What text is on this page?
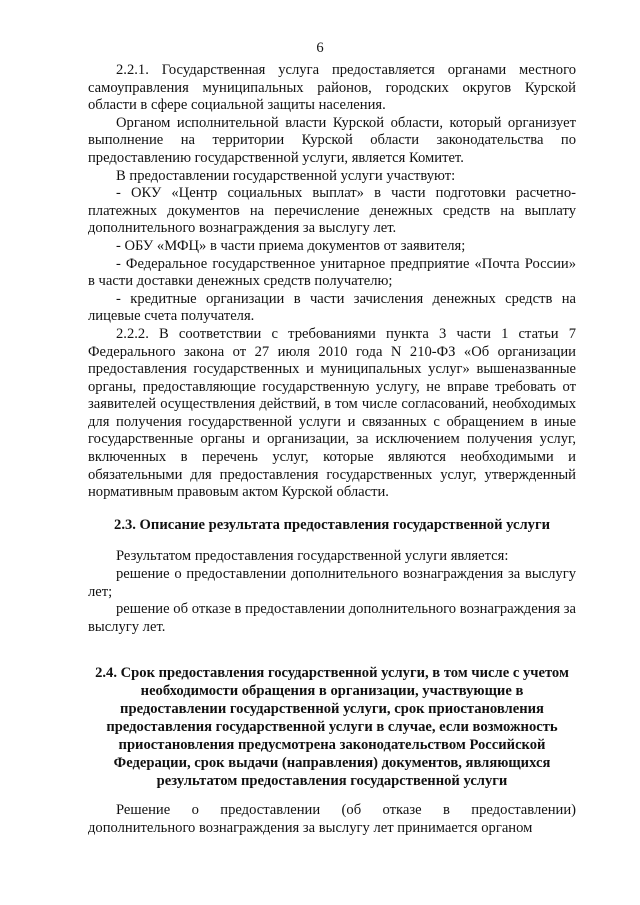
6

2.2.1. Государственная услуга предоставляется органами местного самоуправления муниципальных районов, городских округов Курской области в сфере социальной защиты населения.

Органом исполнительной власти Курской области, который организует выполнение на территории Курской области законодательства по предоставлению государственной услуги, является Комитет.

В предоставлении государственной услуги участвуют:

- ОКУ «Центр социальных выплат» в части подготовки расчетно-платежных документов на перечисление денежных средств на выплату дополнительного вознаграждения за выслугу лет.

- ОБУ «МФЦ» в части приема документов от заявителя;

- Федеральное государственное унитарное предприятие «Почта России» в части доставки денежных средств получателю;

- кредитные организации в части зачисления денежных средств на лицевые счета получателя.

2.2.2. В соответствии с требованиями пункта 3 части 1 статьи 7 Федерального закона от 27 июля 2010 года N 210-ФЗ «Об организации предоставления государственных и муниципальных услуг» вышеназванные органы, предоставляющие государственную услугу, не вправе требовать от заявителей осуществления действий, в том числе согласований, необходимых для получения государственной услуги и связанных с обращением в иные государственные органы и организации, за исключением получения услуг, включенных в перечень услуг, которые являются необходимыми и обязательными для предоставления государственных услуг, утвержденный нормативным правовым актом Курской области.

2.3. Описание результата предоставления государственной услуги

Результатом предоставления государственной услуги является:

решение о предоставлении дополнительного вознаграждения за выслугу лет;

решение об отказе в предоставлении дополнительного вознаграждения за выслугу лет.

2.4. Срок предоставления государственной услуги, в том числе с учетом необходимости обращения в организации, участвующие в предоставлении государственной услуги, срок приостановления предоставления государственной услуги в случае, если возможность приостановления предусмотрена законодательством Российской Федерации, срок выдачи (направления) документов, являющихся результатом предоставления государственной услуги

Решение о предоставлении (об отказе в предоставлении) дополнительного вознаграждения за выслугу лет принимается органом
